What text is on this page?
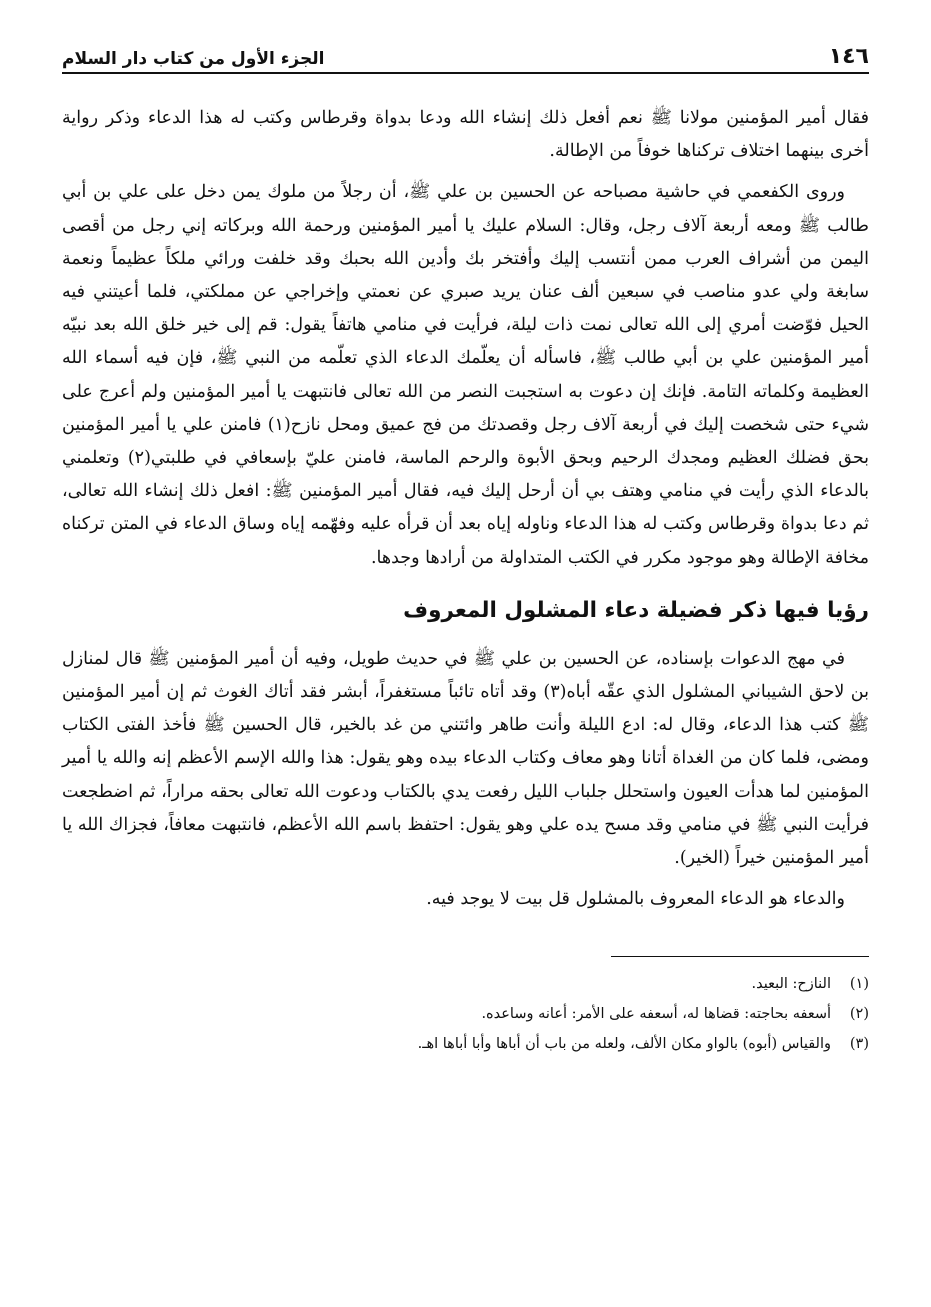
١٤٦
الجزء الأول من كتاب دار السلام

فقال أمير المؤمنين مولانا ﷺ نعم أفعل ذلك إنشاء الله ودعا بدواة وقرطاس وكتب له هذا الدعاء وذكر رواية أخرى بينهما اختلاف تركناها خوفاً من الإطالة.

وروى الكفعمي في حاشية مصباحه عن الحسين بن علي ﷺ، أن رجلاً من ملوك يمن دخل على علي بن أبي طالب ﷺ ومعه أربعة آلاف رجل، وقال: السلام عليك يا أمير المؤمنين ورحمة الله وبركاته إني رجل من أقصى اليمن من أشراف العرب ممن أنتسب إليك وأفتخر بك وأدين الله بحبك وقد خلفت ورائي ملكاً عظيماً ونعمة سابغة ولي عدو مناصب في سبعين ألف عنان يريد صبري عن نعمتي وإخراجي عن مملكتي، فلما أعيتني فيه الحيل فوّضت أمري إلى الله تعالى نمت ذات ليلة، فرأيت في منامي هاتفاً يقول: قم إلى خير خلق الله بعد نبيّه أمير المؤمنين علي بن أبي طالب ﷺ، فاسأله أن يعلّمك الدعاء الذي تعلّمه من النبي ﷺ، فإن فيه أسماء الله العظيمة وكلماته التامة. فإنك إن دعوت به استجبت النصر من الله تعالى فانتبهت يا أمير المؤمنين ولم أعرج على شيء حتى شخصت إليك في أربعة آلاف رجل وقصدتك من فج عميق ومحل نازح(١) فامنن علي يا أمير المؤمنين بحق فضلك العظيم ومجدك الرحيم وبحق الأبوة والرحم الماسة، فامنن عليّ بإسعافي في طلبتي(٢) وتعلمني بالدعاء الذي رأيت في منامي وهتف بي أن أرحل إليك فيه، فقال أمير المؤمنين ﷺ: افعل ذلك إنشاء الله تعالى، ثم دعا بدواة وقرطاس وكتب له هذا الدعاء وناوله إياه بعد أن قرأه عليه وفهّمه إياه وساق الدعاء في المتن تركناه مخافة الإطالة وهو موجود مكرر في الكتب المتداولة من أرادها وجدها.

رؤيا فيها ذكر فضيلة دعاء المشلول المعروف

في مهج الدعوات بإسناده، عن الحسين بن علي ﷺ في حديث طويل، وفيه أن أمير المؤمنين ﷺ قال لمنازل بن لاحق الشيباني المشلول الذي عقّه أباه(٣) وقد أتاه تائباً مستغفراً، أبشر فقد أتاك الغوث ثم إن أمير المؤمنين ﷺ كتب هذا الدعاء، وقال له: ادع الليلة وأنت طاهر وائتني من غد بالخير، قال الحسين ﷺ فأخذ الفتى الكتاب ومضى، فلما كان من الغداة أتانا وهو معاف وكتاب الدعاء بيده وهو يقول: هذا والله الإسم الأعظم إنه والله يا أمير المؤمنين لما هدأت العيون واستحلل جلباب الليل رفعت يدي بالكتاب ودعوت الله تعالى بحقه مراراً، ثم اضطجعت فرأيت النبي ﷺ في منامي وقد مسح يده علي وهو يقول: احتفظ باسم الله الأعظم، فانتبهت معافاً، فجزاك الله يا أمير المؤمنين خيراً (الخير).

والدعاء هو الدعاء المعروف بالمشلول قل بيت لا يوجد فيه.

(١)
النازح: البعيد.
(٢)
أسعفه بحاجته: قضاها له، أسعفه على الأمر: أعانه وساعده.
(٣)
والقياس (أبوه) بالواو مكان الألف، ولعله من باب أن أباها وأبا أباها اهـ.
